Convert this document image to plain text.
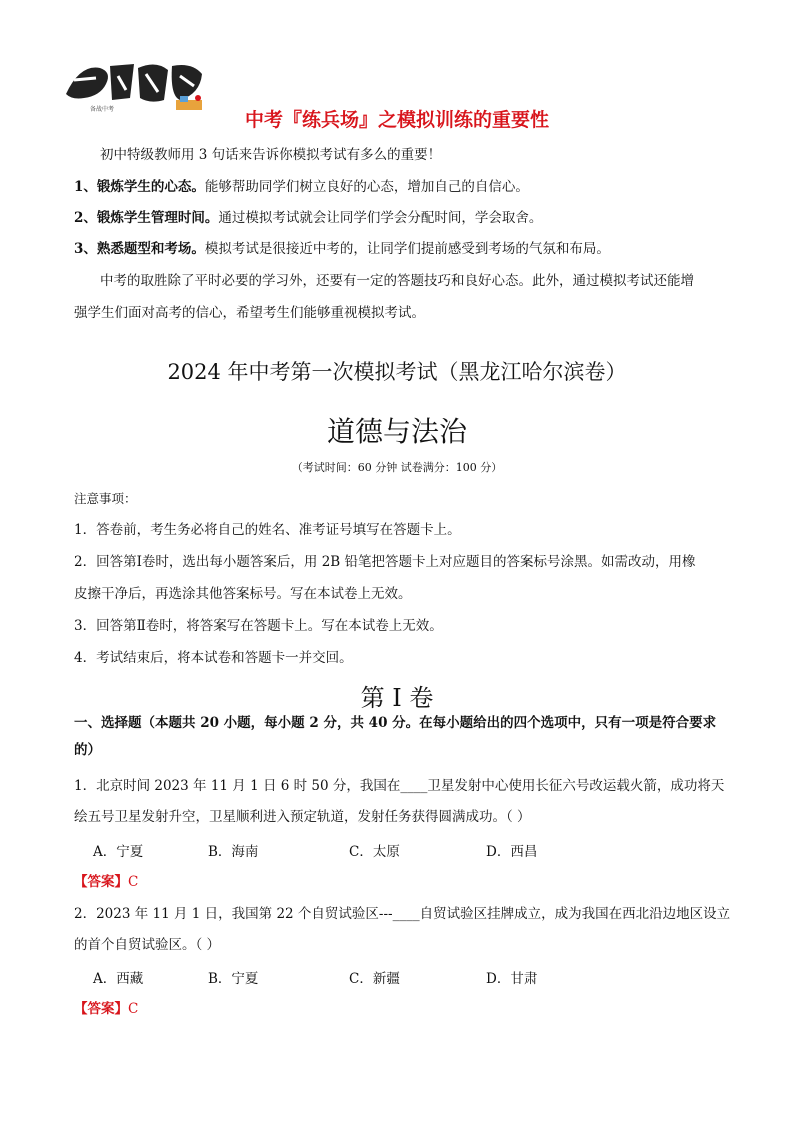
备战中考	中考『练兵场』之模拟训练的重要性
初中特级教师用 3 句话来告诉你模拟考试有多么的重要！
1、锻炼学生的心态。能够帮助同学们树立良好的心态，增加自己的自信心。
2、锻炼学生管理时间。通过模拟考试就会让同学们学会分配时间，学会取舍。
3、熟悉题型和考场。模拟考试是很接近中考的，让同学们提前感受到考场的气氛和布局。
中考的取胜除了平时必要的学习外，还要有一定的答题技巧和良好心态。此外，通过模拟考试还能增
强学生们面对高考的信心，希望考生们能够重视模拟考试。
2024 年中考第一次模拟考试（黑龙江哈尔滨卷）
道德与法治
（考试时间：60 分钟 试卷满分：100 分）
注意事项：
1．答卷前，考生务必将自己的姓名、准考证号填写在答题卡上。
2．回答第Ⅰ卷时，选出每小题答案后，用 2B 铅笔把答题卡上对应题目的答案标号涂黑。如需改动，用橡
皮擦干净后，再选涂其他答案标号。写在本试卷上无效。
3．回答第Ⅱ卷时，将答案写在答题卡上。写在本试卷上无效。
4．考试结束后，将本试卷和答题卡一并交回。
第 I 卷
一、选择题（本题共 20 小题，每小题 2 分，共 40 分。在每小题给出的四个选项中，只有一项是符合要求
的）
1．北京时间 2023 年 11 月 1 日 6 时 50 分，我国在____卫星发射中心使用长征六号改运载火箭，成功将天
绘五号卫星发射升空，卫星顺利进入预定轨道，发射任务获得圆满成功。（ ）
A．宁夏	B．海南	C．太原	D．西昌
【答案】C
2．2023 年 11 月 1 日，我国第 22 个自贸试验区---____自贸试验区挂牌成立，成为我国在西北沿边地区设立
的首个自贸试验区。（ ）
A．西藏	B．宁夏	C．新疆	D．甘肃
【答案】C
